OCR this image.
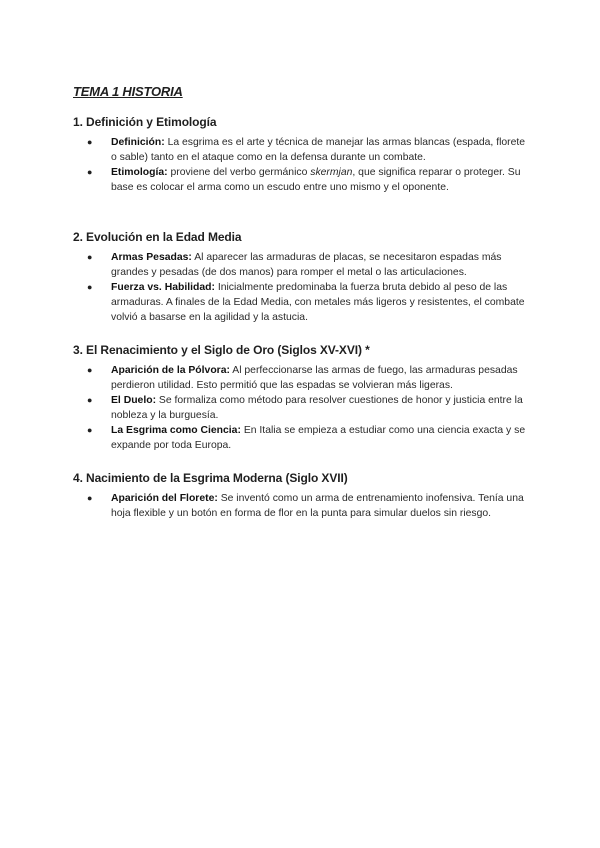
TEMA 1 HISTORIA
1. Definición y Etimología
● Definición: La esgrima es el arte y técnica de manejar las armas blancas (espada, florete o sable) tanto en el ataque como en la defensa durante un combate.
● Etimología: proviene del verbo germánico skermjan, que significa reparar o proteger. Su base es colocar el arma como un escudo entre uno mismo y el oponente.
2. Evolución en la Edad Media
● Armas Pesadas: Al aparecer las armaduras de placas, se necesitaron espadas más grandes y pesadas (de dos manos) para romper el metal o las articulaciones.
● Fuerza vs. Habilidad: Inicialmente predominaba la fuerza bruta debido al peso de las armaduras. A finales de la Edad Media, con metales más ligeros y resistentes, el combate volvió a basarse en la agilidad y la astucia.
3. El Renacimiento y el Siglo de Oro (Siglos XV-XVI) *
● Aparición de la Pólvora: Al perfeccionarse las armas de fuego, las armaduras pesadas perdieron utilidad. Esto permitió que las espadas se volvieran más ligeras.
● El Duelo: Se formaliza como método para resolver cuestiones de honor y justicia entre la nobleza y la burguesía.
● La Esgrima como Ciencia: En Italia se empieza a estudiar como una ciencia exacta y se expande por toda Europa.
4. Nacimiento de la Esgrima Moderna (Siglo XVII)
● Aparición del Florete: Se inventó como un arma de entrenamiento inofensiva. Tenía una hoja flexible y un botón en forma de flor en la punta para simular duelos sin riesgo.
